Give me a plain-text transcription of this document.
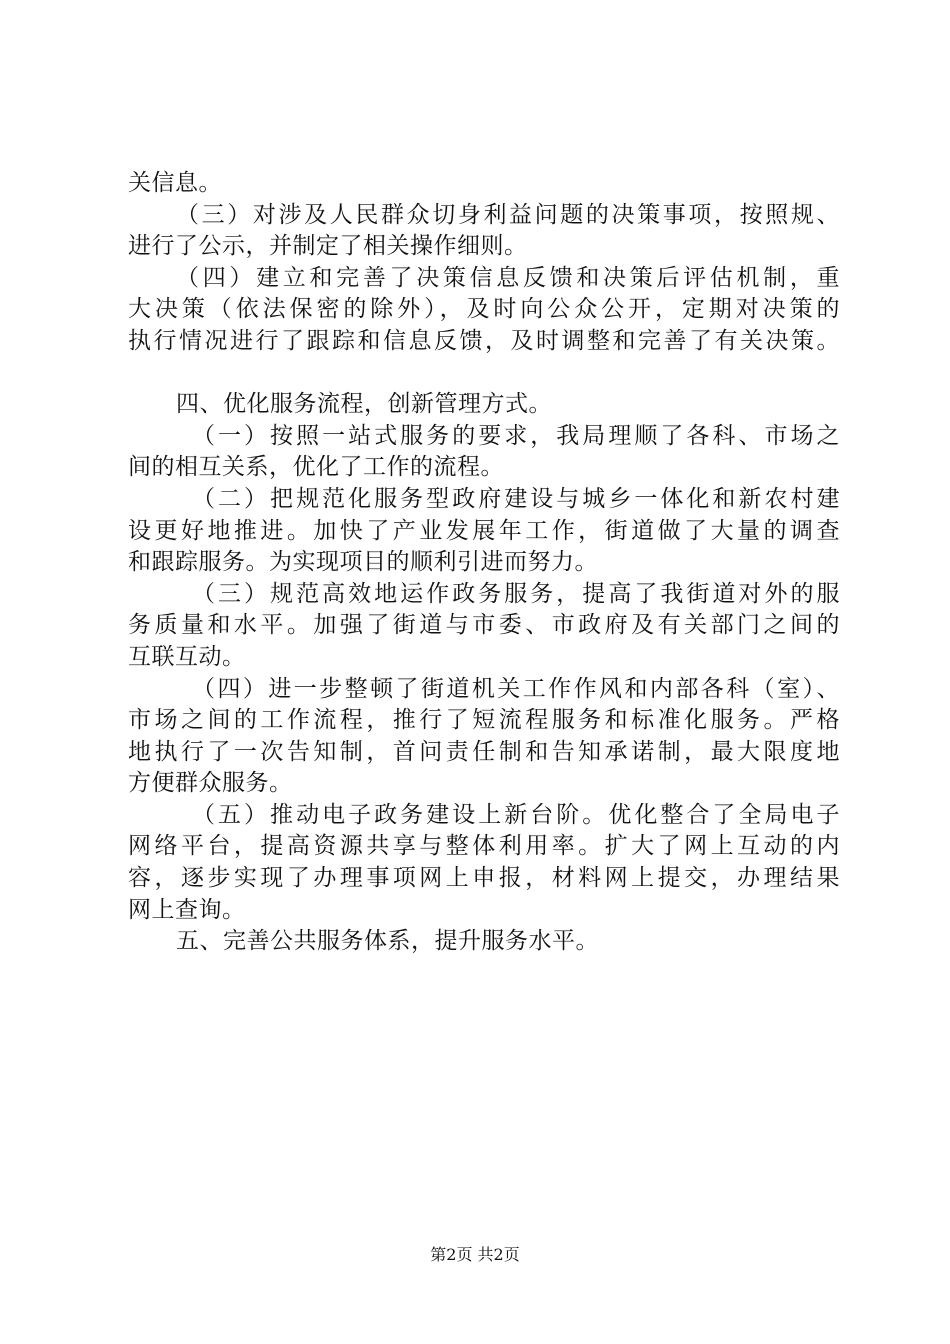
关信息。
（三）对涉及人民群众切身利益问题的决策事项，按照规、
进行了公示，并制定了相关操作细则。
（四）建立和完善了决策信息反馈和决策后评估机制，重
大决策（依法保密的除外），及时向公众公开，定期对决策的
执行情况进行了跟踪和信息反馈，及时调整和完善了有关决策。
四、优化服务流程，创新管理方式。
（一）按照一站式服务的要求，我局理顺了各科、市场之
间的相互关系，优化了工作的流程。
（二）把规范化服务型政府建设与城乡一体化和新农村建
设更好地推进。加快了产业发展年工作，街道做了大量的调查
和跟踪服务。为实现项目的顺利引进而努力。
（三）规范高效地运作政务服务，提高了我街道对外的服
务质量和水平。加强了街道与市委、市政府及有关部门之间的
互联互动。
（四）进一步整顿了街道机关工作作风和内部各科（室）、
市场之间的工作流程，推行了短流程服务和标准化服务。严格
地执行了一次告知制，首问责任制和告知承诺制，最大限度地
方便群众服务。
（五）推动电子政务建设上新台阶。优化整合了全局电子
网络平台，提高资源共享与整体利用率。扩大了网上互动的内
容，逐步实现了办理事项网上申报，材料网上提交，办理结果
网上查询。
五、完善公共服务体系，提升服务水平。
第2页 共2页
